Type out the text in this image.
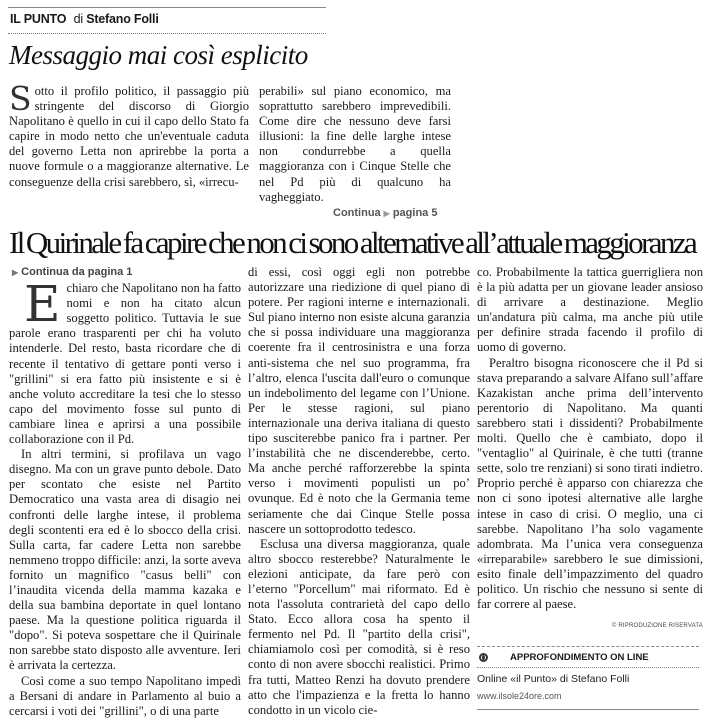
IL PUNTO di Stefano Folli
Messaggio mai così esplicito

Sotto il profilo politico, il passaggio più stringente del discorso di Giorgio Napolitano è quello in cui il capo dello Stato fa capire in modo netto che un'eventuale caduta del governo Letta non aprirebbe la porta a nuove formule o a maggioranze alternative. Le conseguenze della crisi sarebbero, sì, «irrecu-

perabili» sul piano economico, ma soprattutto sarebbero imprevedibili. Come dire che nessuno deve farsi illusioni: la fine delle larghe intese non condurrebbe a quella maggioranza con i Cinque Stelle che nel Pd più di qualcuno ha vagheggiato.

Continua ▶ pagina 5
Il Quirinale fa capire che non ci sono alternative all’attuale maggioranza
▶ Continua da pagina 1

Echiaro che Napolitano non ha fatto nomi e non ha citato alcun soggetto politico. Tuttavia le sue parole erano trasparenti per chi ha voluto intenderle. Del resto, basta ricordare che di recente il tentativo di gettare ponti verso i "grillini" si era fatto più insistente e si è anche voluto accreditare la tesi che lo stesso capo del movimento fosse sul punto di cambiare linea e aprirsi a una possibile collaborazione con il Pd.

In altri termini, si profilava un vago disegno. Ma con un grave punto debole. Dato per scontato che esiste nel Partito Democratico una vasta area di disagio nei confronti delle larghe intese, il problema degli scontenti era ed è lo sbocco della crisi. Sulla carta, far cadere Letta non sarebbe nemmeno troppo difficile: anzi, la sorte aveva fornito un magnifico "casus belli" con l’inaudita vicenda della mamma kazaka e della sua bambina deportate in quel lontano paese. Ma la questione politica riguarda il "dopo". Si poteva sospettare che il Quirinale non sarebbe stato disposto alle avventure. Ieri è arrivata la certezza.

Così come a suo tempo Napolitano impedì a Bersani di andare in Parlamento al buio a cercarsi i voti dei "grillini", o di una parte

di essi, così oggi egli non potrebbe autorizzare una riedizione di quel piano di potere. Per ragioni interne e internazionali. Sul piano interno non esiste alcuna garanzia che si possa individuare una maggioranza coerente fra il centrosinistra e una forza anti-sistema che nel suo programma, fra l’altro, elenca l'uscita dall'euro o comunque un indebolimento del legame con l’Unione. Per le stesse ragioni, sul piano internazionale una deriva italiana di questo tipo susciterebbe panico fra i partner. Per l’instabilità che ne discenderebbe, certo. Ma anche perché rafforzerebbe la spinta verso i movimenti populisti un po’ ovunque. Ed è noto che la Germania teme seriamente che dai Cinque Stelle possa nascere un sottoprodotto tedesco.

Esclusa una diversa maggioranza, quale altro sbocco resterebbe? Naturalmente le elezioni anticipate, da fare però con l’eterno "Porcellum" mai riformato. Ed è nota l'assoluta contrarietà del capo dello Stato. Ecco allora cosa ha spento il fermento nel Pd. Il "partito della crisi", chiamiamolo così per comodità, si è reso conto di non avere sbocchi realistici. Primo fra tutti, Matteo Renzi ha dovuto prendere atto che l'impazienza e la fretta lo hanno condotto in un vicolo cie-

co. Probabilmente la tattica guerrigliera non è la più adatta per un giovane leader ansioso di arrivare a destinazione. Meglio un'andatura più calma, ma anche più utile per definire strada facendo il profilo di uomo di governo.

Peraltro bisogna riconoscere che il Pd si stava preparando a salvare Alfano sull’affare Kazakistan anche prima dell’intervento perentorio di Napolitano. Ma quanti sarebbero stati i dissidenti? Probabilmente molti. Quello che è cambiato, dopo il "ventaglio" al Quirinale, è che tutti (tranne sette, solo tre renziani) si sono tirati indietro. Proprio perché è apparso con chiarezza che non ci sono ipotesi alternative alle larghe intese in caso di crisi. O meglio, una ci sarebbe. Napolitano l’ha solo vagamente adombrata. Ma l’unica vera conseguenza «irreparabile» sarebbero le sue dimissioni, esito finale dell’impazzimento del quadro politico. Un rischio che nessuno si sente di far correre al paese.

© RIPRODUZIONE RISERVATA
APPROFONDIMENTO ON LINE
Online «il Punto» di Stefano Folli
www.ilsole24ore.com
